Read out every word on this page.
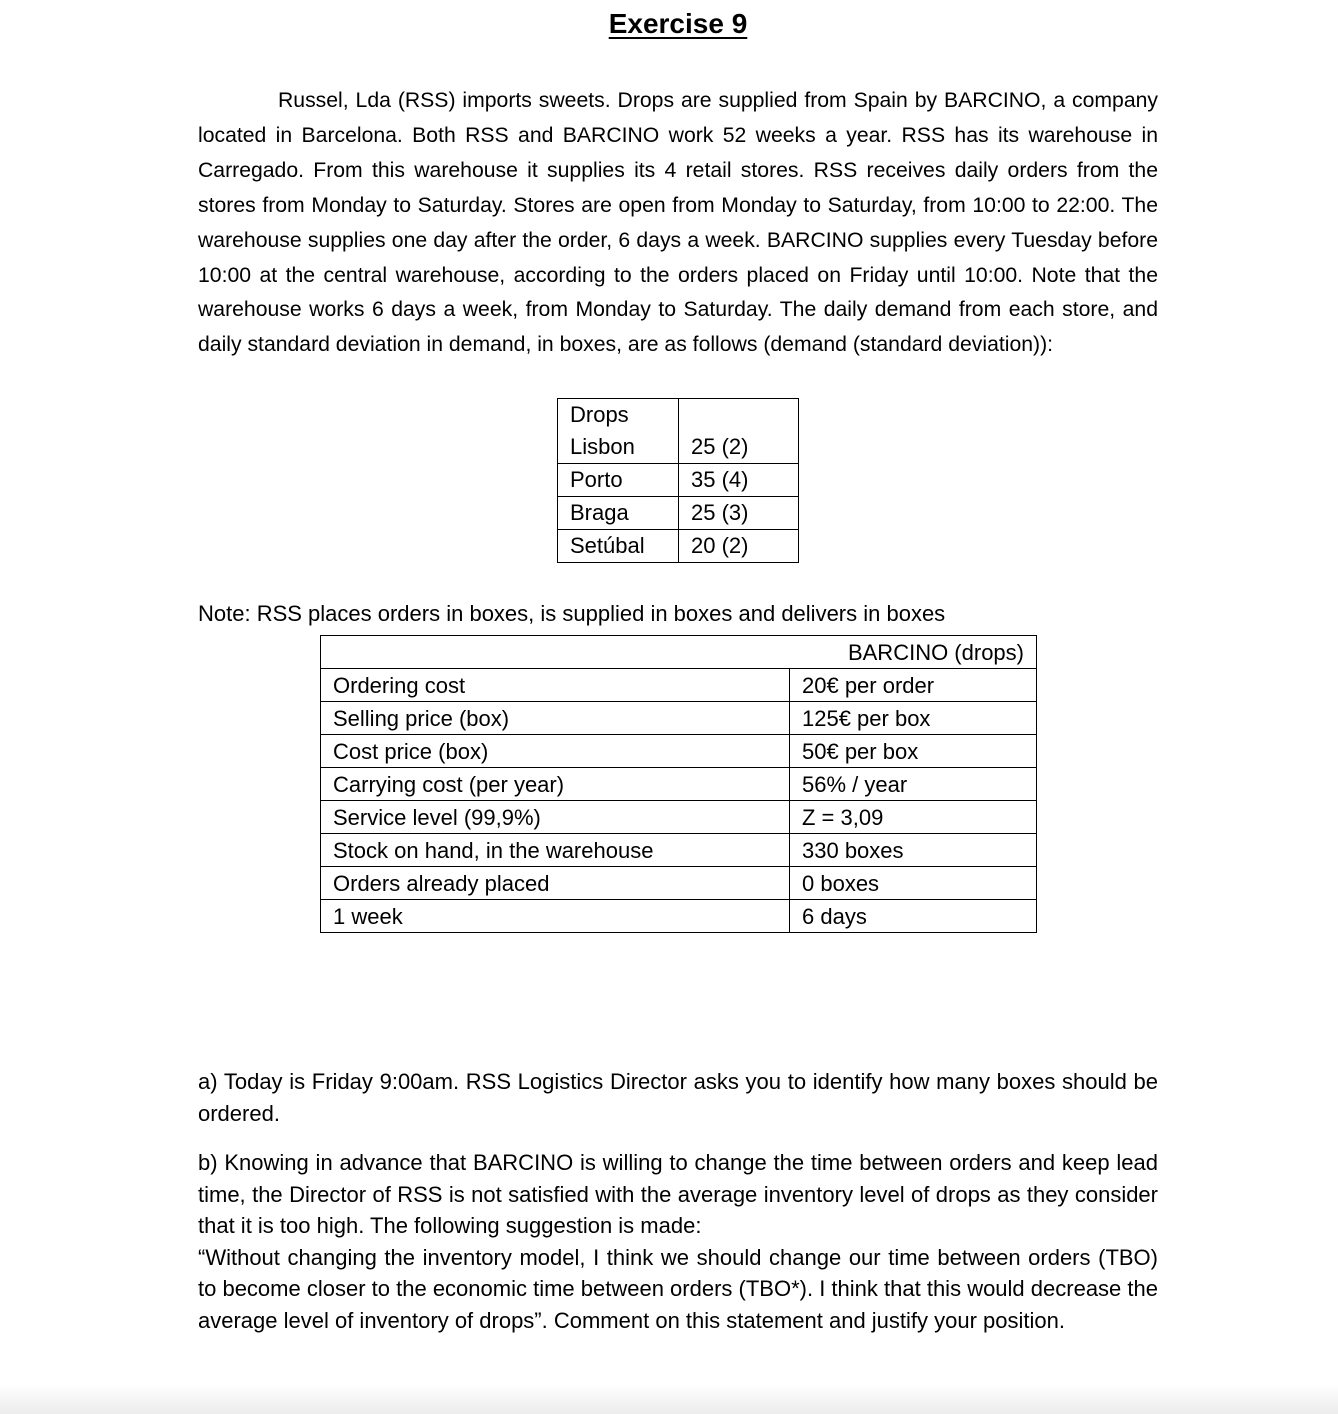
Exercise 9

Russel, Lda (RSS) imports sweets. Drops are supplied from Spain by BARCINO, a company located in Barcelona. Both RSS and BARCINO work 52 weeks a year. RSS has its warehouse in Carregado. From this warehouse it supplies its 4 retail stores. RSS receives daily orders from the stores from Monday to Saturday. Stores are open from Monday to Saturday, from 10:00 to 22:00. The warehouse supplies one day after the order, 6 days a week. BARCINO supplies every Tuesday before 10:00 at the central warehouse, according to the orders placed on Friday until 10:00. Note that the warehouse works 6 days a week, from Monday to Saturday. The daily demand from each store, and daily standard deviation in demand, in boxes, are as follows (demand (standard deviation)):

Drops	
Lisbon	25 (2)
Porto	35 (4)
Braga	25 (3)
Setúbal	20 (2)

Note: RSS places orders in boxes, is supplied in boxes and delivers in boxes

BARCINO (drops)	
Ordering cost	20€ per order
Selling price (box)	125€ per box
Cost price (box)	50€ per box
Carrying cost (per year)	56% / year
Service level (99,9%)	Z = 3,09
Stock on hand, in the warehouse	330 boxes
Orders already placed	0 boxes
1 week	6 days

a) Today is Friday 9:00am. RSS Logistics Director asks you to identify how many boxes should be ordered.

b) Knowing in advance that BARCINO is willing to change the time between orders and keep lead time, the Director of RSS is not satisfied with the average inventory level of drops as they consider that it is too high. The following suggestion is made:
“Without changing the inventory model, I think we should change our time between orders (TBO) to become closer to the economic time between orders (TBO*). I think that this would decrease the average level of inventory of drops”. Comment on this statement and justify your position.
